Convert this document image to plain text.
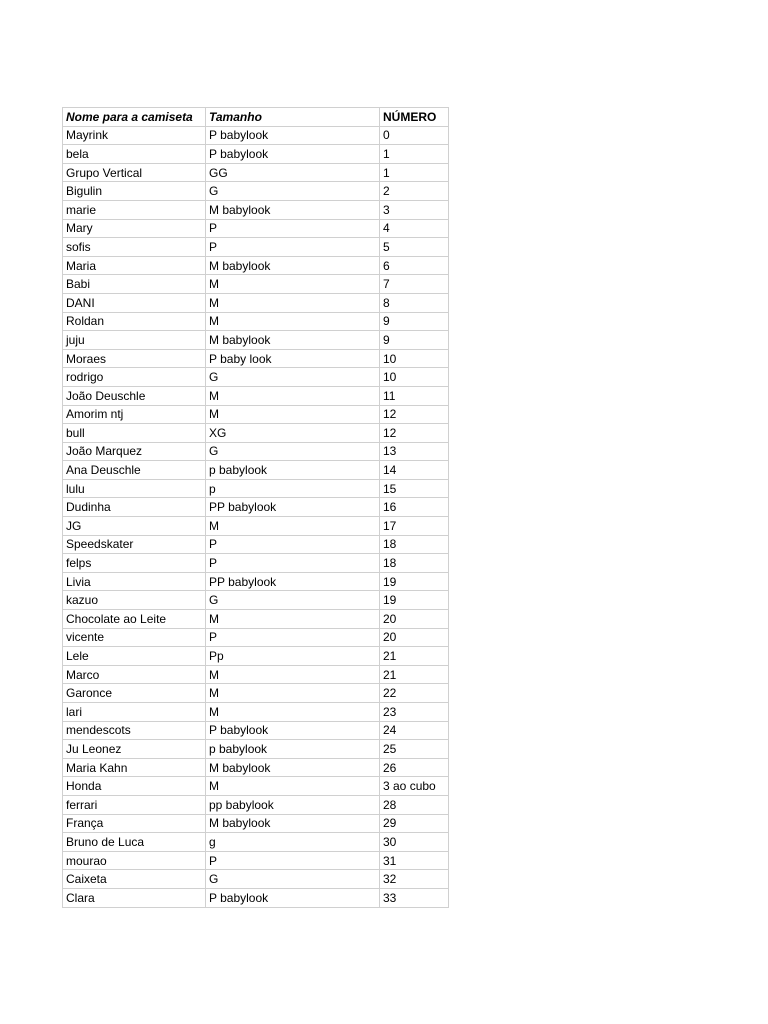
Nome para a camiseta	Tamanho	NÚMERO
Mayrink	P babylook	0
bela	P babylook	1
Grupo Vertical	GG	1
Bigulin	G	2
marie	M babylook	3
Mary	P	4
sofis	P	5
Maria	M babylook	6
Babi	M	7
DANI	M	8
Roldan	M	9
juju	M babylook	9
Moraes	P baby look	10
rodrigo	G	10
João Deuschle	M	11
Amorim ntj	M	12
bull	XG	12
João Marquez	G	13
Ana Deuschle	p babylook	14
lulu	p	15
Dudinha	PP babylook	16
JG	M	17
Speedskater	P	18
felps	P	18
Livia	PP babylook	19
kazuo	G	19
Chocolate ao Leite	M	20
vicente	P	20
Lele	Pp	21
Marco	M	21
Garonce	M	22
lari	M	23
mendescots	P babylook	24
Ju Leonez	p babylook	25
Maria Kahn	M babylook	26
Honda	M	3 ao cubo
ferrari	pp babylook	28
França	M babylook	29
Bruno de Luca	g	30
mourao	P	31
Caixeta	G	32
Clara	P babylook	33
